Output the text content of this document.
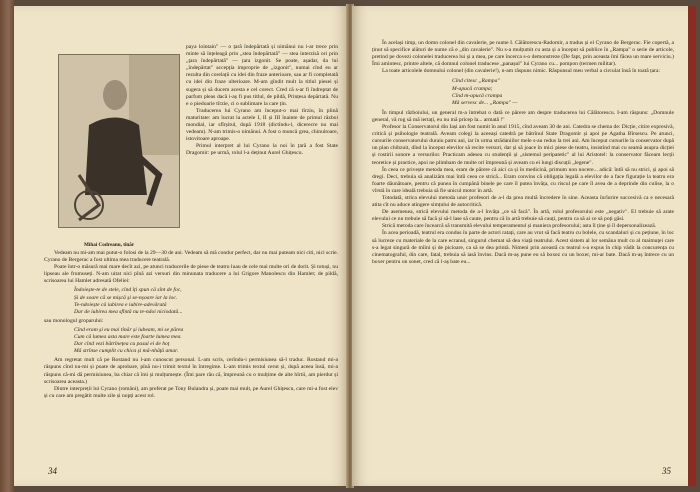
Mihai Codreanu, tînăr

paya lointain" — o țară îndepărtată și nimănui nu i-ar trece prin minte să înțeleagă prin „stea îndepărtată" — stea interzisă ori prin „țara îndepărtată" — țara izgonit. Se poate, așadar, da lui „îndepărtat" accepția improprie de „izgonit", numai cînd eu ar rezulta din corelații cu idei din fraze anterioare, sau ar fi completată cu idei din fraze ulterioare. M-am gîndit mult la titlul piesei și sugera și să ducem acesta e cel corect. Cred că s-ar fi îndreptat de parfum pleas dacă i-aș fi pus titlul, de pildă, Prințesa depărtată. Nu e o piedoarie tîrzie, ci o sublimare la care țin.

Traducerea lui Cyrano am început-o mai tîrziu, în plină maturitate: am lucrat la actele I, II și III înainte de primul război mondial, iar sfîrșitul, după 1918 (dictîndu-l, dicerecre nu mai vedeam). N-am trimis-o nimănui. A fost o muncă grea, chinuitoare, istovitoare aproape.

Primul interpret al lui Cyrano la noi în țară a fost State Dragomir: pe urmă, rolul l-a deținut Aurel Ghițescu.

Vedeam nu mi-am mai putut-o folosi de la 29—30 de ani. Vedeam să mă condur perfect, dar nu mai puteam nici citi, nici scrie. Cyrano de Bergerac a fost ultima mea traducere teatrală.

Poate într-o măsură mai mare decît azi, pe atunci traducerile de piese de teatru luau de cele mai multe ori de dorit. Și totuși, nu lipseau ale frumuseți. N-am uitat nici pînă azi versuri din minunata traducere a lui Grigore Manolescu din Hamlet; de pildă, scrisoarea lui Hamlet adresată Ofeliei:

Îndoiește-te de stele, cînd îți spun că sînt de foc,

Și de soare că se mișcă și se-nșoare iar la loc.

Te-ndoiește că iubirea e iubire-adevărată

Dar de iubirea mea sfîntă nu te-ndoi niciodată...

sau monologul groparului:

Cînd eram și eu mai tînăr și iubeam, mi se părea

Cum că lumea asta mare este foarte lumea mea.

Dar cînd vezi bătrînețea cu pasul ei de hoț

Mă strînse cumplit cu chica și mă-nhăță amar.

Am regretat mult că pe Rostand nu l-am cunoscut personal. L-am scris, cerîndu-i permisiunea să-l traduc. Rostand mi-a răspuns cînd nu-mi și poate de aprobare, pînă nu-i trimit textul în întregime. L-am trimis textul cerut și, după aceea însă, mi-a răspuns că-mi dă permisiunea, ba chiar că îmi și mulțumește. (Îmi pare rău că, împreună cu o mulțime de alte hîrtii, am pierdut și scrisoarea aceasta.)

Dintre interpreții lui Cyrano (români), am preferat pe Tony Bulandra și, poate mai mult, pe Aurel Ghițescu, care mi-a fost elev și cu care am pregătit multe zile și nopți acest rol.

34

În același timp, un domn colonel din cavalerie, pe nume I. Călătorescu-Radomir, a tradus și el Cyrano de Bergerac. Fie copertă, a ținut să specifice alături de nume că e „din cavalerie". Nu s-a mulțumit cu asta și a început să publice în „Rampa" o serie de articole, pretind pe dovezi colonelei traducerea lui și a mea, pe care încerca s-o demonstreze (De fapt, prin aceasta îmi făcea un mare serviciu.) Îmi amintesc, printre altele, că domnul colonel traducese „panașul" lui Cyrano cu... pompon (termen militar).

La toate articolele domnului colonel (din cavalerie!), n-am răspuns nimic. Răspunsul meu verbal a circulat însă în toată țara:

Cînd citesc „Rampa"

M-apucă crampa;

Cînd m-apucă crampa

Mă servesc de... „Rampa" —

În timpul războiului, un general m-a întrebat o dată ce părere am despre traducerea lui Călătorescu. I-am răspuns: „Domnule general, vă rog să mă iertați, eu nu mă pricep la... armată !"

Profesor la Conservatorul din Iași am fost numit în anul 1915, cînd aveam 30 de ani. Catedra se chema de: Dicție, citire expresivă, critică și psihologie teatrală. Aveam colegi la aceeași catedră pe bătrînul State Dragomir și apoi pe Agatha Bîrsescu. Pe atunci, cursurile conservatorului duraiu patru ani, iar în urma strădaniilor mele s-au redus la trei ani. Am început cursurile la conservator după un plan chibzuit, dînd la început elevilor să recite versuri, dar și să joace în mici piese de teatru, insistînd mai cu seamă asupra dicției și rostirii sonore a versurilor. Practicam adesea cu studenții și „sistemul peripatetic" al lui Aristotel: la conservator făceam lecții teoretice și practice, apoi ne plimbam de multe ori împreună și aveam cu ei lungi discuții „legene".

În ceea ce privește metoda mea, eram de părere că aici ca și în medicină, primum non nocere... adică: întîi să nu strici, și apoi să dregi. Deci, trebuia să analizăm mai întîi ceea ce strică... Eram convins că obligația legală a elevilor de a face figurație la teatru era foarte dăunătoare, pentru că punea în cumpănă binele pe care îl putea învăța, cu riscul pe care îl avea de a deprinde din culise, la o vîrstă în care ideală trebuia să fie unicul motor în artă.

Totodată, strica elevului metoda unor profesori de a-l da prea multă încredere în sine. Aceasta înrîurire succesivă ca e necesară atita cît nu aduce atingere simțului de autocritică.

De asemenea, strică elevului metoda de a-l învăța „ce să facă". În artă, rolul profesorului este „negativ". El trebuie să arate elevului ce nu trebuie să facă și să-l lase să caute, pentru că în artă trebuie să cauți, pentru ca să ai ce să poți găsi.

Strică metoda care încearcă să transmită elevului temperamentul și maniera profesorului; asta îl ține și îl depersonalizează.

În acea perioadă, teatrul era condus în parte de actori ratați, care au vrut să facă teatru cu bolele, cu scandaluri și cu pețiune, în loc să lucreze cu materiale de la care ecranul, singurul chemat să dea viață teatrului. Acest sistem al lor semăna mult cu al maimuței care s-a legat singură de mîini și de picioare, ca să se dea printă. Nimeni prin această cu teatrul s-a expus în chip vădit la concurența cu cinematograful, din care, fatal, trebuia să iasă învins. Dacă m-aș pune eu să boxez cu un boxer, mi-ar bate. Dacă m-aș întrece cu un boxer pentru un sonet, cred că l-aș bate eu...

35
